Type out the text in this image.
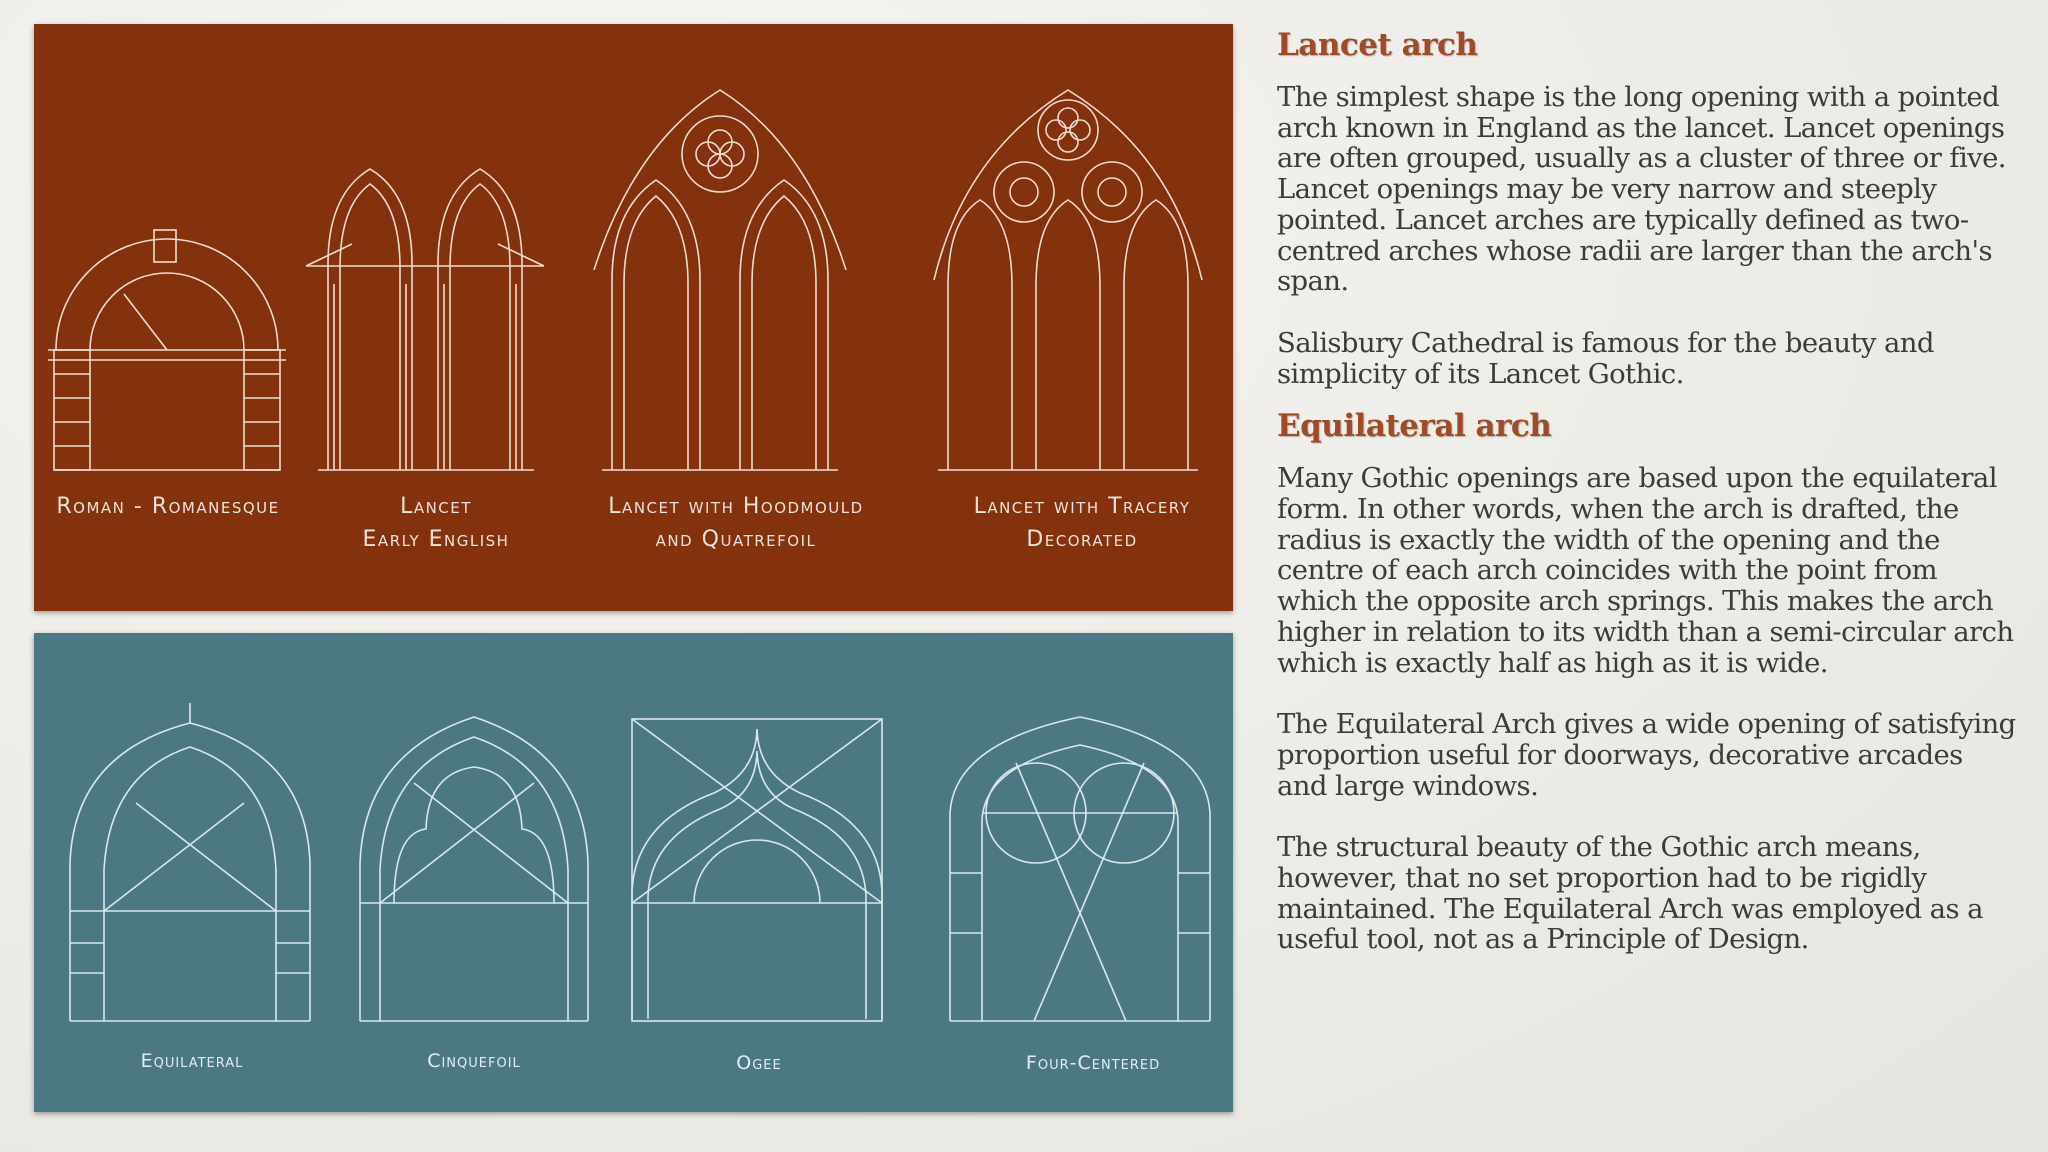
Roman - Romanesque	Lancet
Early English
Lancet with Hoodmould
and Quatrefoil
Lancet with Tracery
Decorated
Equilateral	Cinquefoil	Ogee	Four-Centered
Lancet arch

The simplest shape is the long opening with a pointed arch known in England as the lancet. Lancet openings are often grouped, usually as a cluster of three or five. Lancet openings may be very narrow and steeply pointed. Lancet arches are typically defined as two-centred arches whose radii are larger than the arch's span.

Salisbury Cathedral is famous for the beauty and simplicity of its Lancet Gothic.

Equilateral arch

Many Gothic openings are based upon the equilateral form. In other words, when the arch is drafted, the radius is exactly the width of the opening and the centre of each arch coincides with the point from which the opposite arch springs. This makes the arch higher in relation to its width than a semi-circular arch which is exactly half as high as it is wide.

The Equilateral Arch gives a wide opening of satisfying proportion useful for doorways, decorative arcades and large windows.

The structural beauty of the Gothic arch means, however, that no set proportion had to be rigidly maintained. The Equilateral Arch was employed as a useful tool, not as a Principle of Design.
